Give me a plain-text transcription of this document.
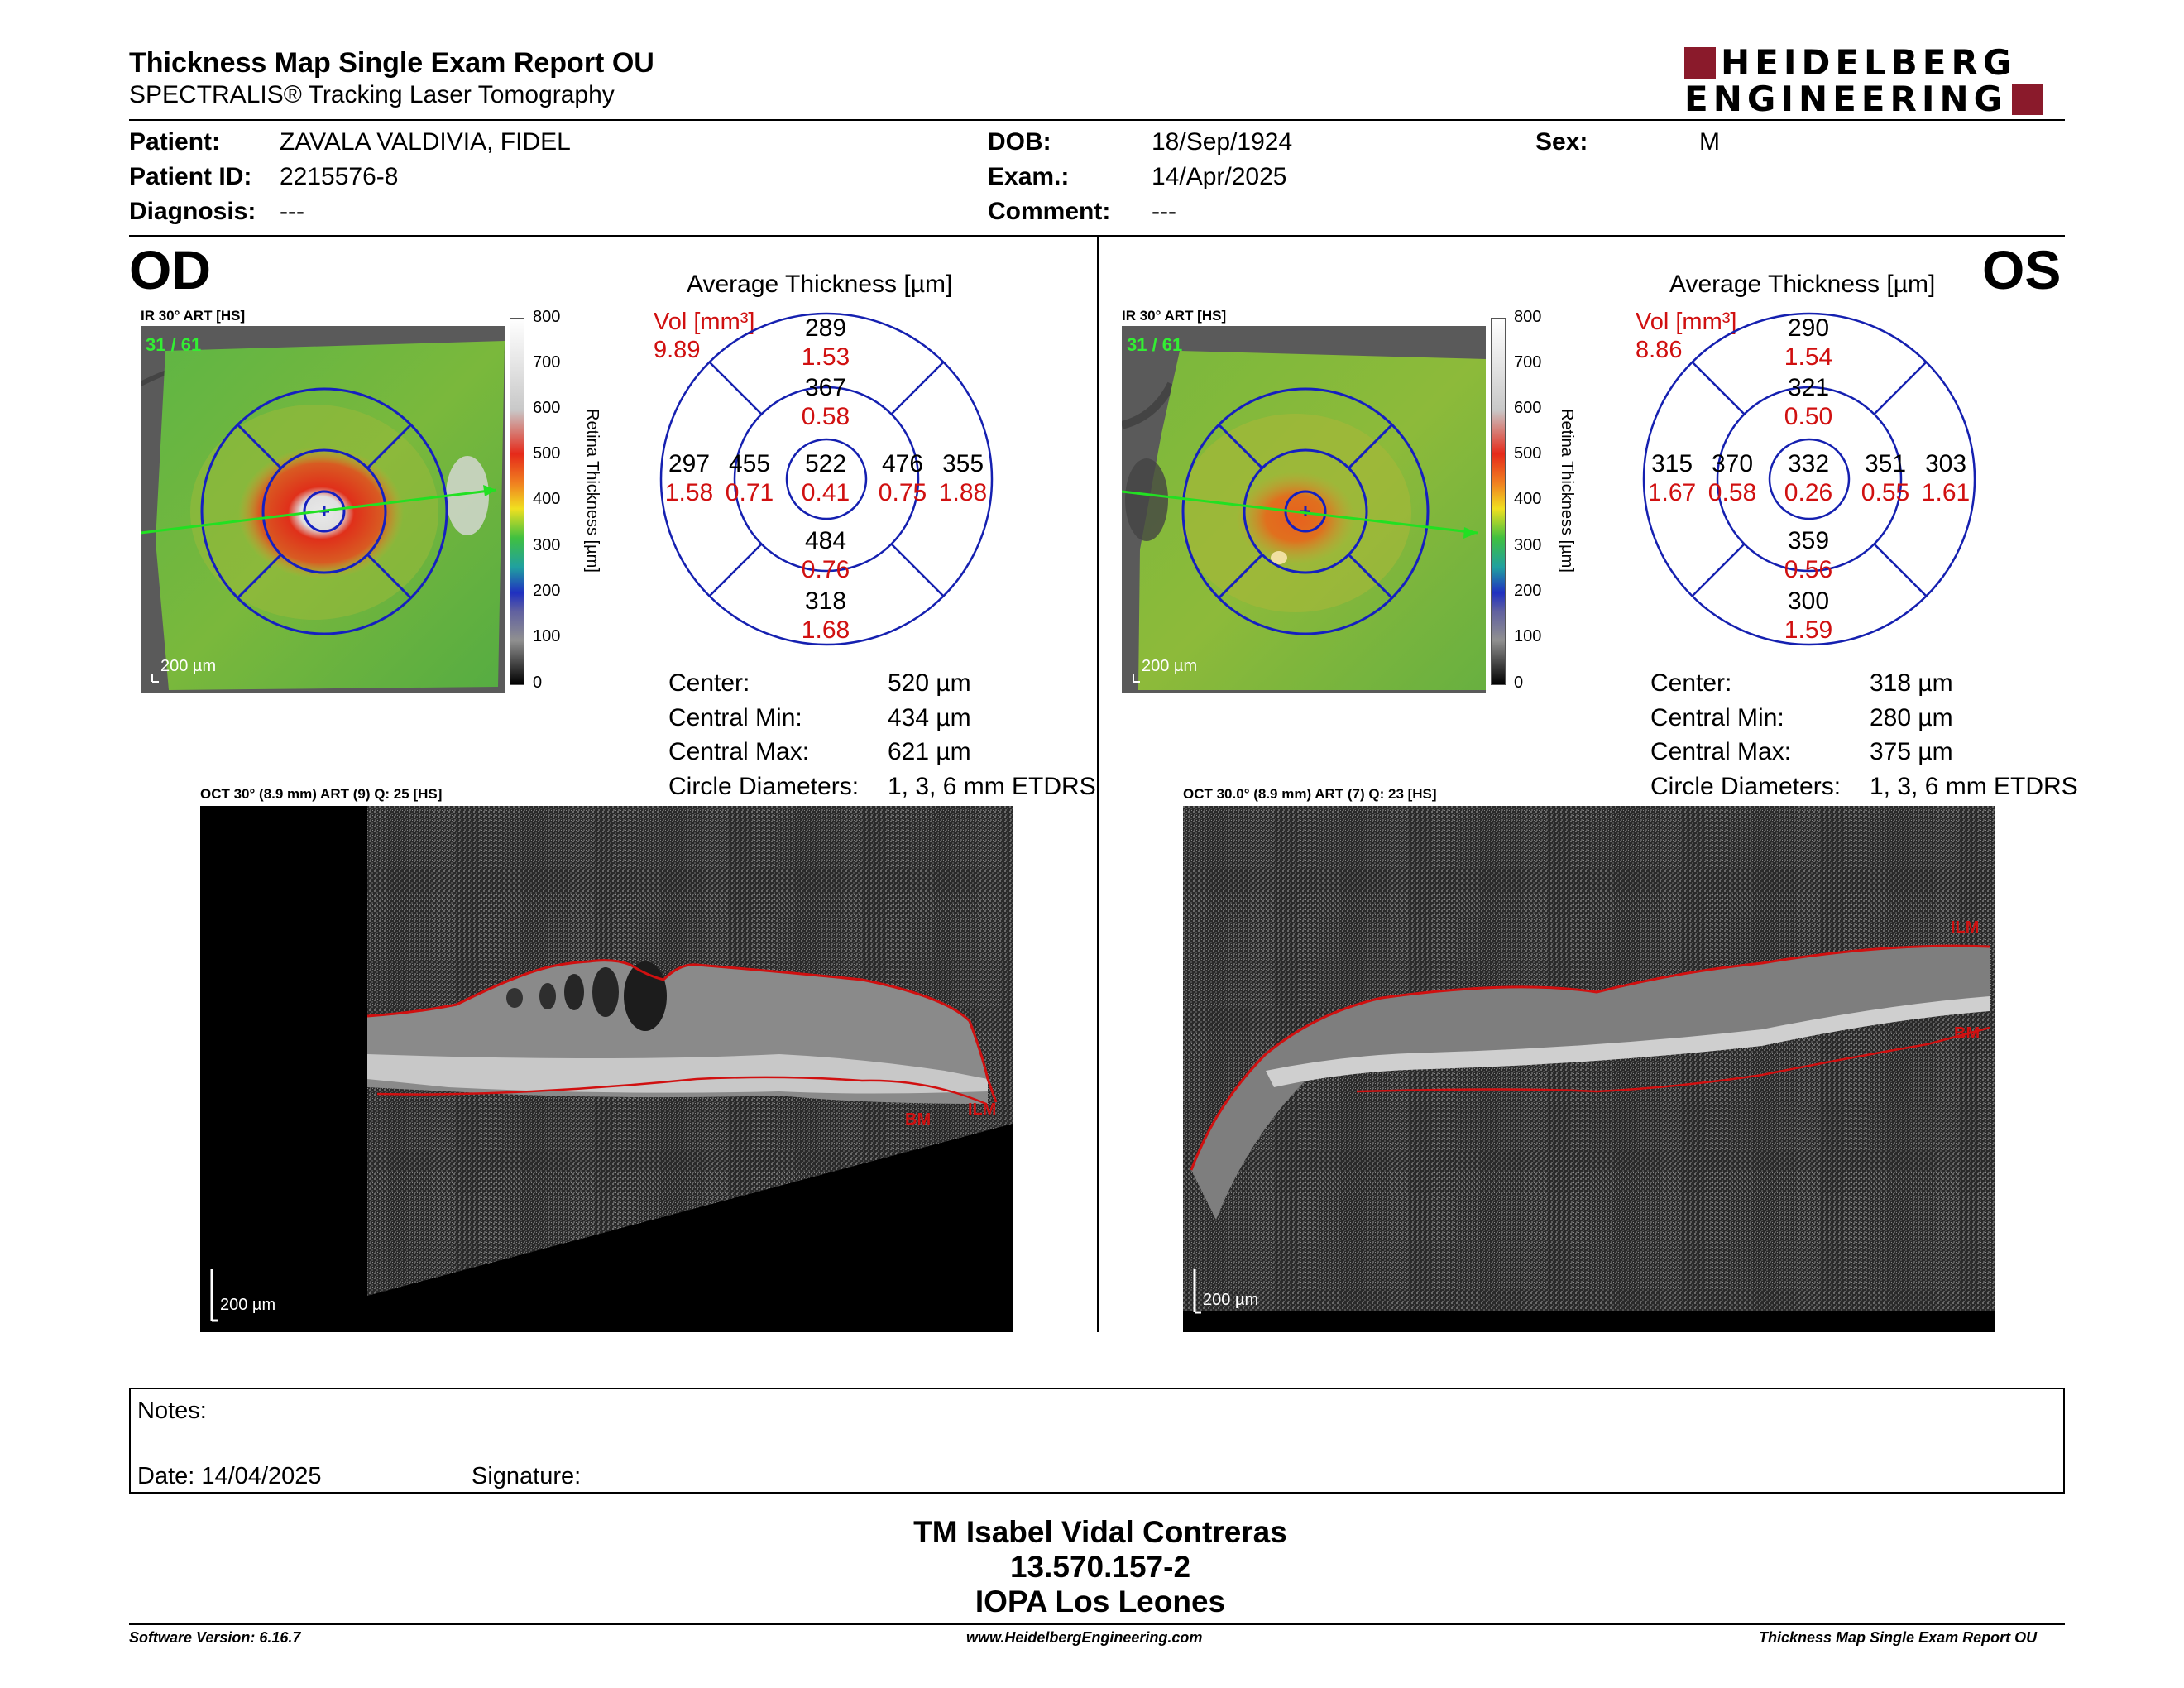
Thickness Map Single Exam Report OU
SPECTRALIS® Tracking Laser Tomography
HEIDELBERG
ENGINEERING
Patient: ZAVALA VALDIVIA, FIDEL
Patient ID: 2215576-8
Diagnosis: ---
DOB:	18/Sep/1924
Exam.:	14/Apr/2025
Comment: ---
Sex:	M
OD	OS
IR 30° ART [HS]
31 / 61
200 µm
800
700
600
500
400
300
200
100
0
Retina Thickness [µm]
Average Thickness [µm]
Vol [mm³]
9.89
289
1.53
367
0.58
297
1.58
455
0.71
522
0.41
476
0.75
355
1.88
484
0.76
318
1.68
Center:	520 µm
Central Min:	434 µm
Central Max:	621 µm
Circle Diameters:	1, 3, 6 mm ETDRS
IR 30° ART [HS]
31 / 61
200 µm
800
700
600
500
400
300
200
100
0
Retina Thickness [µm]
Average Thickness [µm]
Vol [mm³]
8.86
290
1.54
321
0.50
315
1.67
370
0.58
332
0.26
351
0.55
303
1.61
359
0.56
300
1.59
Center:	318 µm
Central Min:	280 µm
Central Max:	375 µm
Circle Diameters:	1, 3, 6 mm ETDRS
OCT 30° (8.9 mm) ART (9) Q: 25 [HS]
ILM
BM
200 µm
OCT 30.0° (8.9 mm) ART (7) Q: 23 [HS]
ILM
BM
200 µm
Notes:
Date: 14/04/2025	Signature:
TM Isabel Vidal Contreras
13.570.157-2
IOPA Los Leones
Software Version: 6.16.7	www.HeidelbergEngineering.com	Thickness Map Single Exam Report OU
